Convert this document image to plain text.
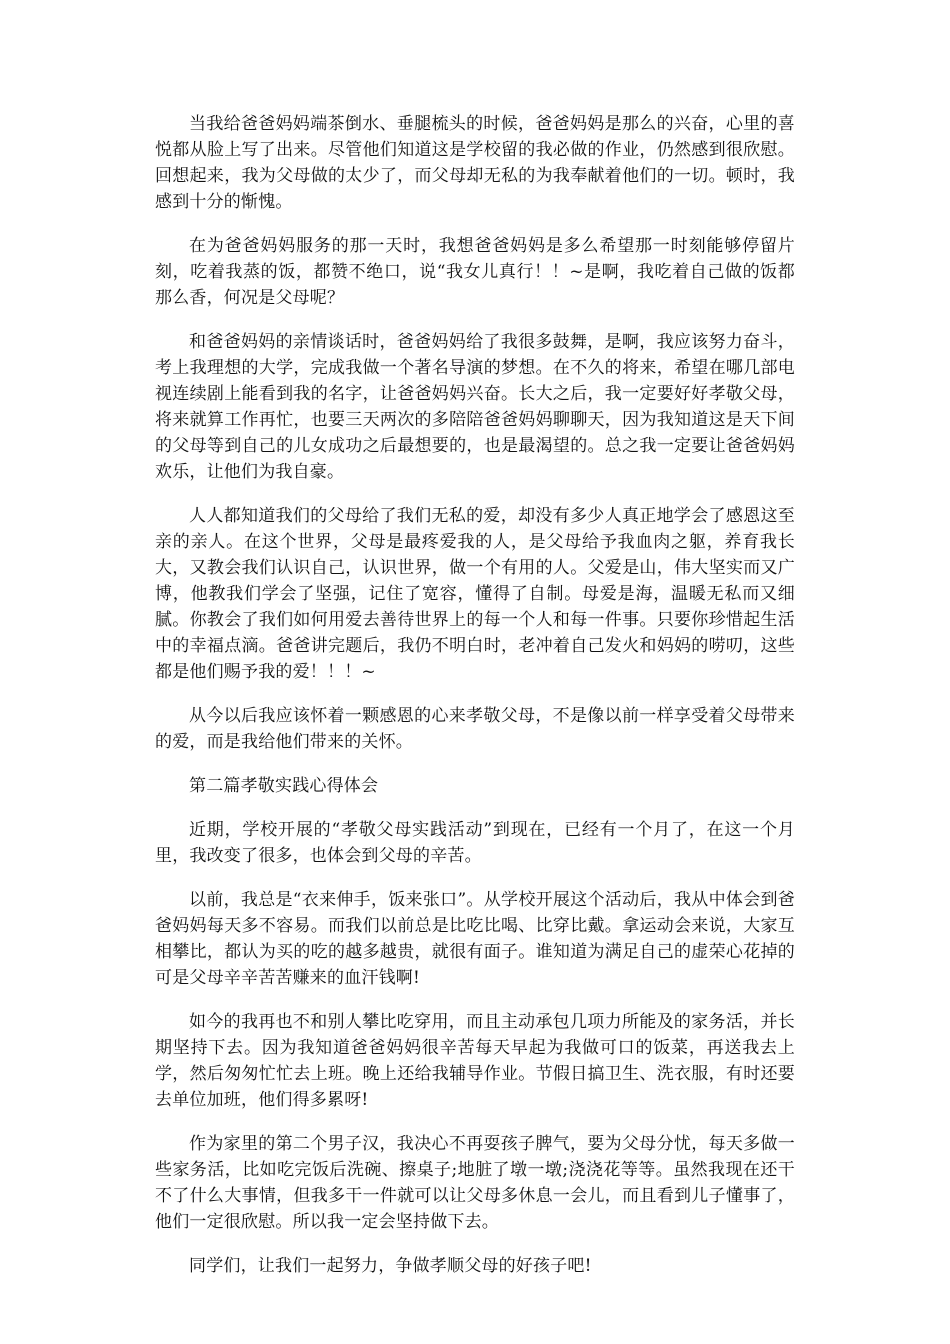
当我给爸爸妈妈端茶倒水、垂腿梳头的时候，爸爸妈妈是那么的兴奋，心里的喜悦都从脸上写了出来。尽管他们知道这是学校留的我必做的作业，仍然感到很欣慰。回想起来，我为父母做的太少了，而父母却无私的为我奉献着他们的一切。顿时，我感到十分的惭愧。

在为爸爸妈妈服务的那一天时，我想爸爸妈妈是多么希望那一时刻能够停留片刻，吃着我蒸的饭，都赞不绝口，说“我女儿真行！！~是啊，我吃着自己做的饭都那么香，何况是父母呢？

和爸爸妈妈的亲情谈话时，爸爸妈妈给了我很多鼓舞，是啊，我应该努力奋斗，考上我理想的大学，完成我做一个著名导演的梦想。在不久的将来，希望在哪几部电视连续剧上能看到我的名字，让爸爸妈妈兴奋。长大之后，我一定要好好孝敬父母，将来就算工作再忙，也要三天两次的多陪陪爸爸妈妈聊聊天，因为我知道这是天下间的父母等到自己的儿女成功之后最想要的，也是最渴望的。总之我一定要让爸爸妈妈欢乐，让他们为我自豪。

人人都知道我们的父母给了我们无私的爱，却没有多少人真正地学会了感恩这至亲的亲人。在这个世界，父母是最疼爱我的人，是父母给予我血肉之躯，养育我长大，又教会我们认识自己，认识世界，做一个有用的人。父爱是山，伟大坚实而又广博，他教我们学会了坚强，记住了宽容，懂得了自制。母爱是海，温暖无私而又细腻。你教会了我们如何用爱去善待世界上的每一个人和每一件事。只要你珍惜起生活中的幸福点滴。爸爸讲完题后，我仍不明白时，老冲着自己发火和妈妈的唠叨，这些都是他们赐予我的爱！！！~

从今以后我应该怀着一颗感恩的心来孝敬父母，不是像以前一样享受着父母带来的爱，而是我给他们带来的关怀。

第二篇孝敬实践心得体会

近期，学校开展的“孝敬父母实践活动”到现在，已经有一个月了，在这一个月里，我改变了很多，也体会到父母的辛苦。

以前，我总是“衣来伸手，饭来张口”。从学校开展这个活动后，我从中体会到爸爸妈妈每天多不容易。而我们以前总是比吃比喝、比穿比戴。拿运动会来说，大家互相攀比，都认为买的吃的越多越贵，就很有面子。谁知道为满足自己的虚荣心花掉的可是父母辛辛苦苦赚来的血汗钱啊!

如今的我再也不和别人攀比吃穿用，而且主动承包几项力所能及的家务活，并长期坚持下去。因为我知道爸爸妈妈很辛苦每天早起为我做可口的饭菜，再送我去上学，然后匆匆忙忙去上班。晚上还给我辅导作业。节假日搞卫生、洗衣服，有时还要去单位加班，他们得多累呀!

作为家里的第二个男子汉，我决心不再耍孩子脾气，要为父母分忧，每天多做一些家务活，比如吃完饭后洗碗、擦桌子;地脏了墩一墩;浇浇花等等。虽然我现在还干不了什么大事情，但我多干一件就可以让父母多休息一会儿，而且看到儿子懂事了，他们一定很欣慰。所以我一定会坚持做下去。

同学们，让我们一起努力，争做孝顺父母的好孩子吧!
